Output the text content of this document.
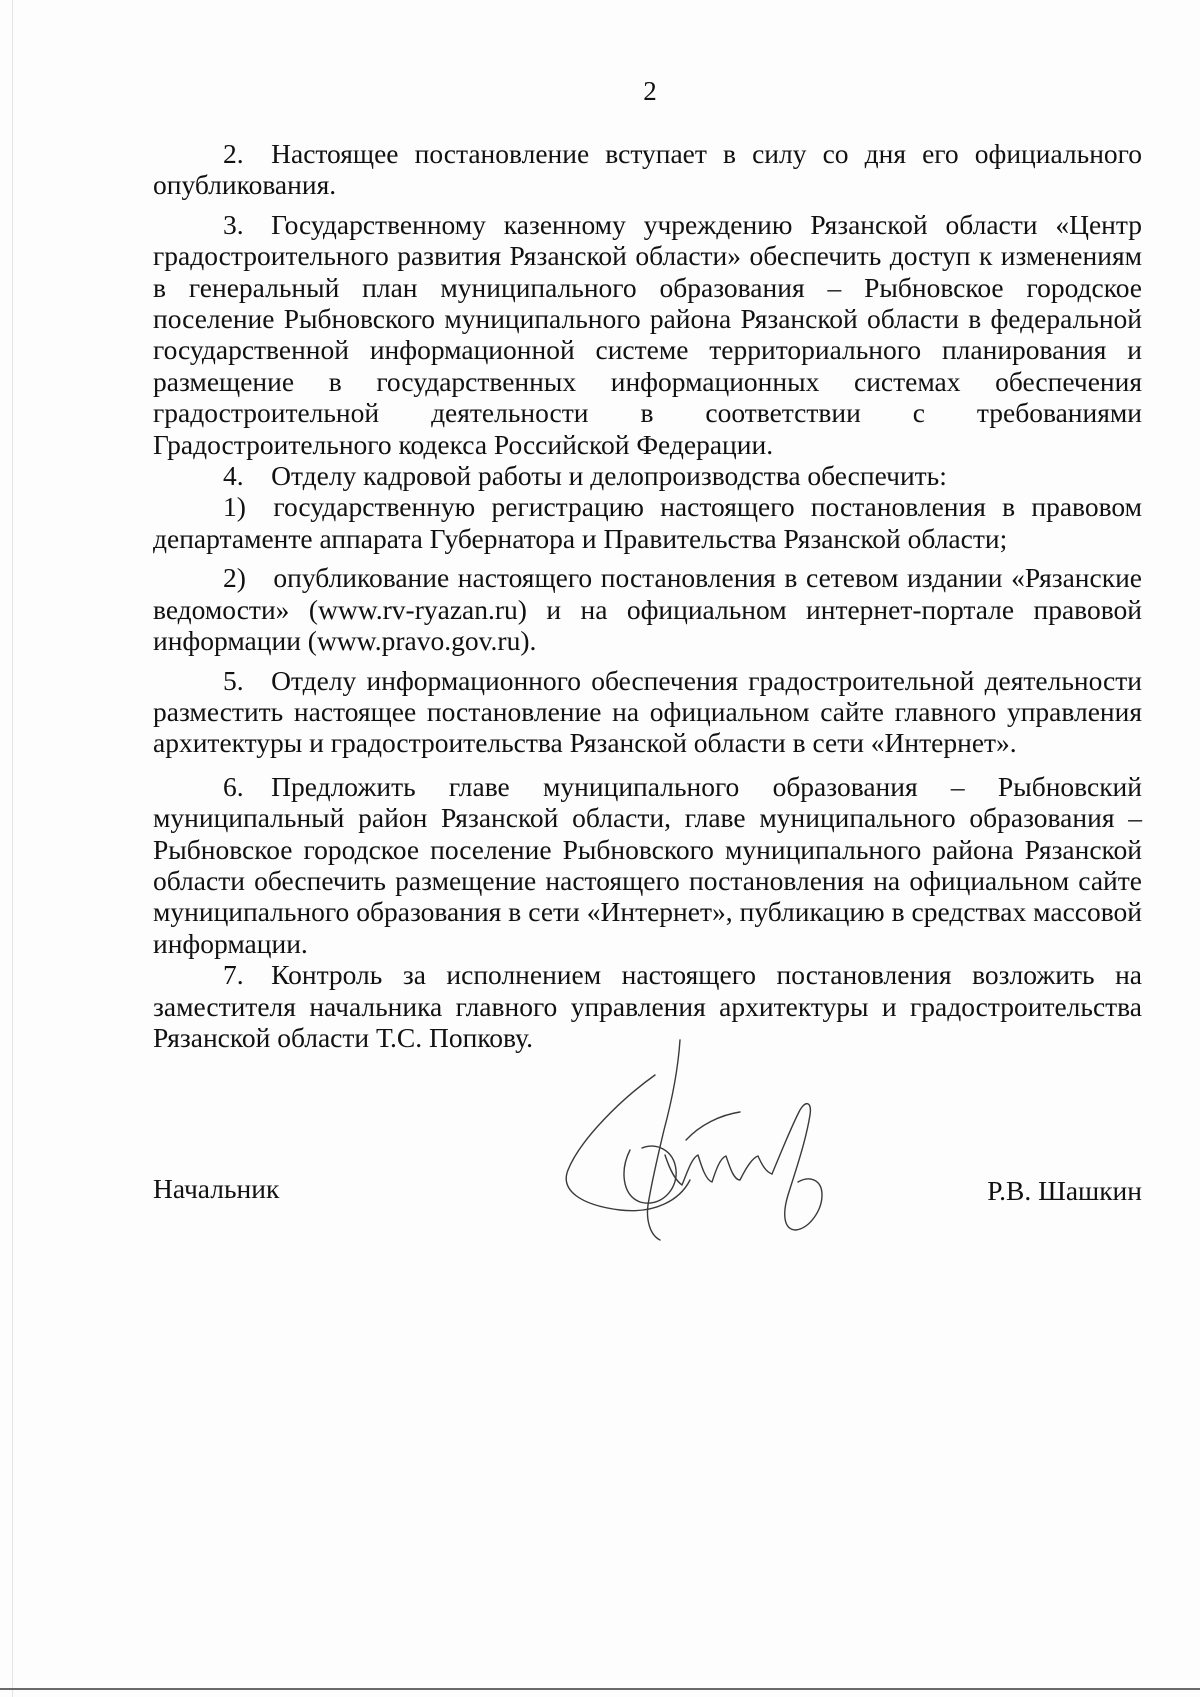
2

2. Настоящее постановление вступает в силу со дня его официального опубликования.

3. Государственному казенному учреждению Рязанской области «Центр градостроительного развития Рязанской области» обеспечить доступ к изменениям в генеральный план муниципального образования – Рыбновское городское поселение Рыбновского муниципального района Рязанской области в федеральной государственной информационной системе территориального планирования и размещение в государственных информационных системах обеспечения градостроительной деятельности в соответствии с требованиями Градостроительного кодекса Российской Федерации.

4. Отделу кадровой работы и делопроизводства обеспечить:

1) государственную регистрацию настоящего постановления в правовом департаменте аппарата Губернатора и Правительства Рязанской области;

2) опубликование настоящего постановления в сетевом издании «Рязанские ведомости» (www.rv-ryazan.ru) и на официальном интернет-портале правовой информации (www.pravo.gov.ru).

5. Отделу информационного обеспечения градостроительной деятельности разместить настоящее постановление на официальном сайте главного управления архитектуры и градостроительства Рязанской области в сети «Интернет».

6. Предложить главе муниципального образования – Рыбновский муниципальный район Рязанской области, главе муниципального образования – Рыбновское городское поселение Рыбновского муниципального района Рязанской области обеспечить размещение настоящего постановления на официальном сайте муниципального образования в сети «Интернет», публикацию в средствах массовой информации.

7. Контроль за исполнением настоящего постановления возложить на заместителя начальника главного управления архитектуры и градостроительства Рязанской области Т.С. Попкову.

Начальник	Р.В. Шашкин
